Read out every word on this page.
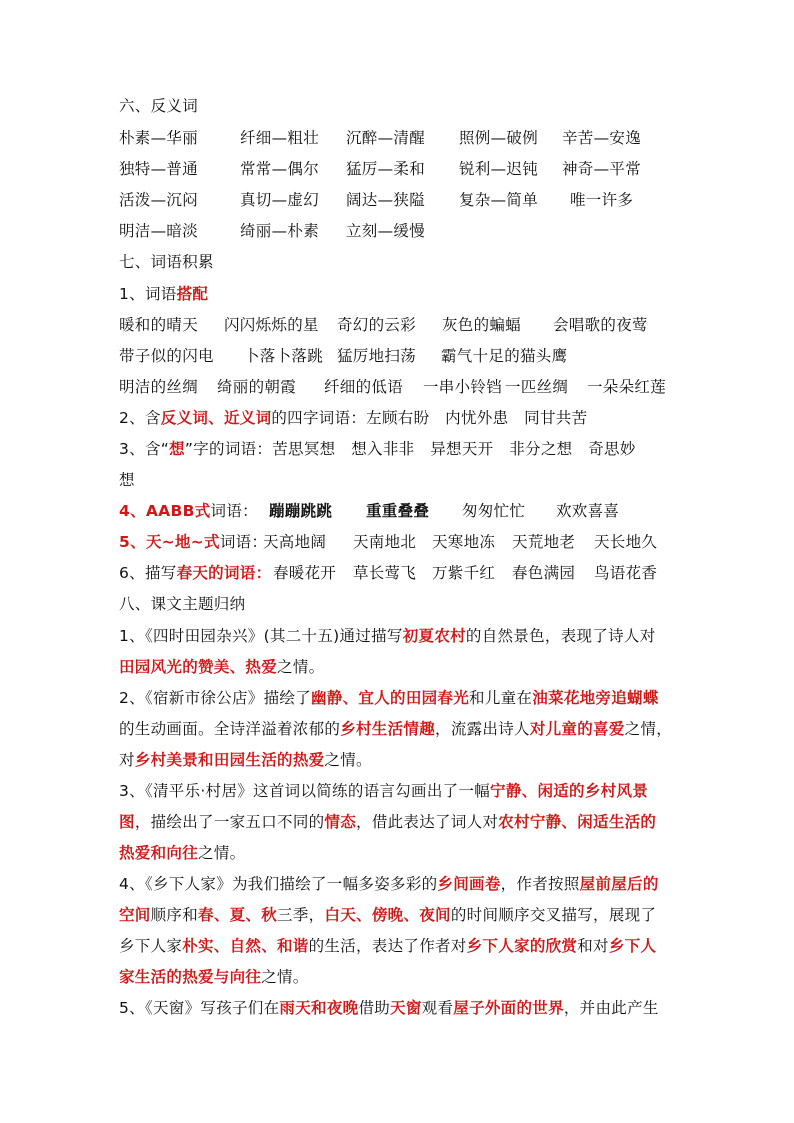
六、反义词
朴素—华丽	纤细—粗壮 沉醉—清醒 照例—破例 辛苦—安逸
独特—普通	常常—偶尔 猛厉—柔和 锐利—迟钝 神奇—平常
活泼—沉闷	真切—虚幻 阔达—狭隘 复杂—简单 唯一许多
明洁—暗淡	绮丽—朴素 立刻—缓慢
七、词语积累
1、词语搭配
暖和的晴天 闪闪烁烁的星 奇幻的云彩 灰色的蝙蝠 会唱歌的夜莺
带子似的闪电 卜落卜落跳 猛厉地扫荡 霸气十足的猫头鹰
明洁的丝绸 绮丽的朝霞 纤细的低语 一串小铃铛 一匹丝绸 一朵朵红莲
2、含反义词、近义词的四字词语：左顾右盼　内忧外患　同甘共苦
3、含“想”字的词语：苦思冥想　想入非非　异想天开　非分之想　奇思妙
想
4、AABB式词语： 蹦蹦跳跳 重重叠叠 匆匆忙忙 欢欢喜喜
5、天~地~式词语：
天高地阔 天南地北 天寒地冻 天荒地老 天长地久
6、描写春天的词语： 春暖花开 草长莺飞 万紫千红 春色满园 鸟语花香
八、课文主题归纳
1、《四时田园杂兴》(其二十五)通过描写初夏农村的自然景色，表现了诗人对
田园风光的赞美、热爱之情。
2、《宿新市徐公店》描绘了幽静、宜人的田园春光和儿童在油菜花地旁追蝴蝶
的生动画面。全诗洋溢着浓郁的乡村生活情趣，流露出诗人对儿童的喜爱之情，
对乡村美景和田园生活的热爱之情。
3、《清平乐·村居》这首词以简练的语言勾画出了一幅宁静、闲适的乡村风景
图，描绘出了一家五口不同的情态，借此表达了词人对农村宁静、闲适生活的
热爱和向往之情。
4、《乡下人家》为我们描绘了一幅多姿多彩的乡间画卷，作者按照屋前屋后的
空间顺序和春、夏、秋三季，白天、傍晚、夜间的时间顺序交叉描写，展现了
乡下人家朴实、自然、和谐的生活，表达了作者对乡下人家的欣赏和对乡下人
家生活的热爱与向往之情。
5、《天窗》写孩子们在雨天和夜晚借助天窗观看屋子外面的世界，并由此产生
